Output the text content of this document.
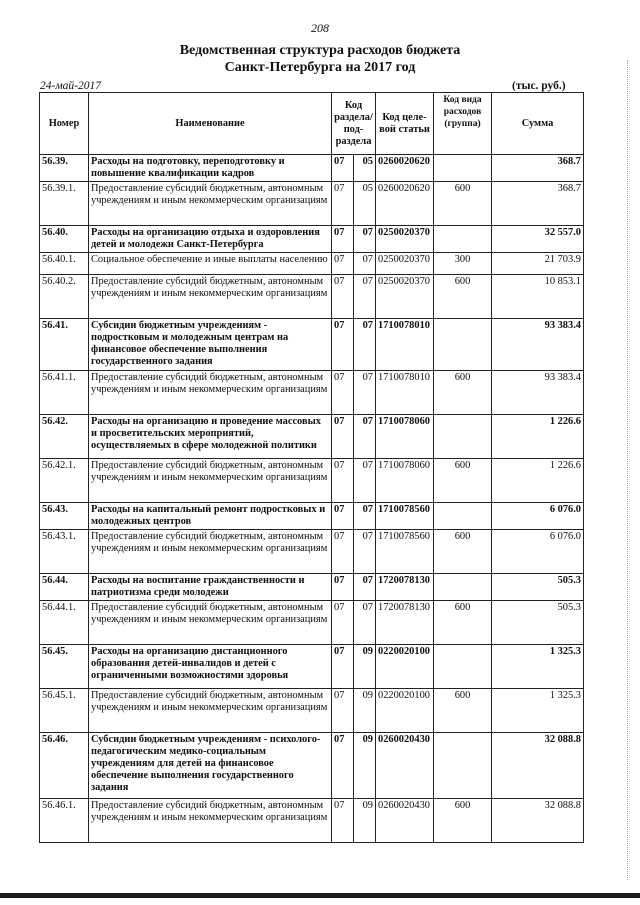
208
Ведомственная структура расходов бюджета
Санкт-Петербурга на 2017 год
24-май-2017	(тыс. руб.)
Номер	Наименование	Код раздела/ под- раздела		Код целе- вой статьи	Код вида расходов (группа)	Сумма
56.39.	Расходы на подготовку, переподготовку и повышение квалификации кадров	07	05	0260020620		368.7
56.39.1.	Предоставление субсидий бюджетным, автономным учреждениям и иным некоммерческим организациям	07	05	0260020620	600	368.7
56.40.	Расходы на организацию отдыха и оздоровления детей и молодежи Санкт-Петербурга	07	07	0250020370		32 557.0
56.40.1.	Социальное обеспечение и иные выплаты населению	07	07	0250020370	300	21 703.9
56.40.2.	Предоставление субсидий бюджетным, автономным учреждениям и иным некоммерческим организациям	07	07	0250020370	600	10 853.1
56.41.	Субсидии бюджетным учреждениям - подростковым и молодежным центрам на финансовое обеспечение выполнения государственного задания	07	07	1710078010		93 383.4
56.41.1.	Предоставление субсидий бюджетным, автономным учреждениям и иным некоммерческим организациям	07	07	1710078010	600	93 383.4
56.42.	Расходы на организацию и проведение массовых и просветительских мероприятий, осуществляемых в сфере молодежной политики	07	07	1710078060		1 226.6
56.42.1.	Предоставление субсидий бюджетным, автономным учреждениям и иным некоммерческим организациям	07	07	1710078060	600	1 226.6
56.43.	Расходы на капитальный ремонт подростковых и молодежных центров	07	07	1710078560		6 076.0
56.43.1.	Предоставление субсидий бюджетным, автономным учреждениям и иным некоммерческим организациям	07	07	1710078560	600	6 076.0
56.44.	Расходы на воспитание гражданственности и патриотизма среди молодежи	07	07	1720078130		505.3
56.44.1.	Предоставление субсидий бюджетным, автономным учреждениям и иным некоммерческим организациям	07	07	1720078130	600	505.3
56.45.	Расходы на организацию дистанционного образования детей-инвалидов и детей с ограниченными возможностями здоровья	07	09	0220020100		1 325.3
56.45.1.	Предоставление субсидий бюджетным, автономным учреждениям и иным некоммерческим организациям	07	09	0220020100	600	1 325.3
56.46.	Субсидии бюджетным учреждениям - психолого-педагогическим медико-социальным учреждениям для детей на финансовое обеспечение выполнения государственного задания	07	09	0260020430		32 088.8
56.46.1.	Предоставление субсидий бюджетным, автономным учреждениям и иным некоммерческим организациям	07	09	0260020430	600	32 088.8
